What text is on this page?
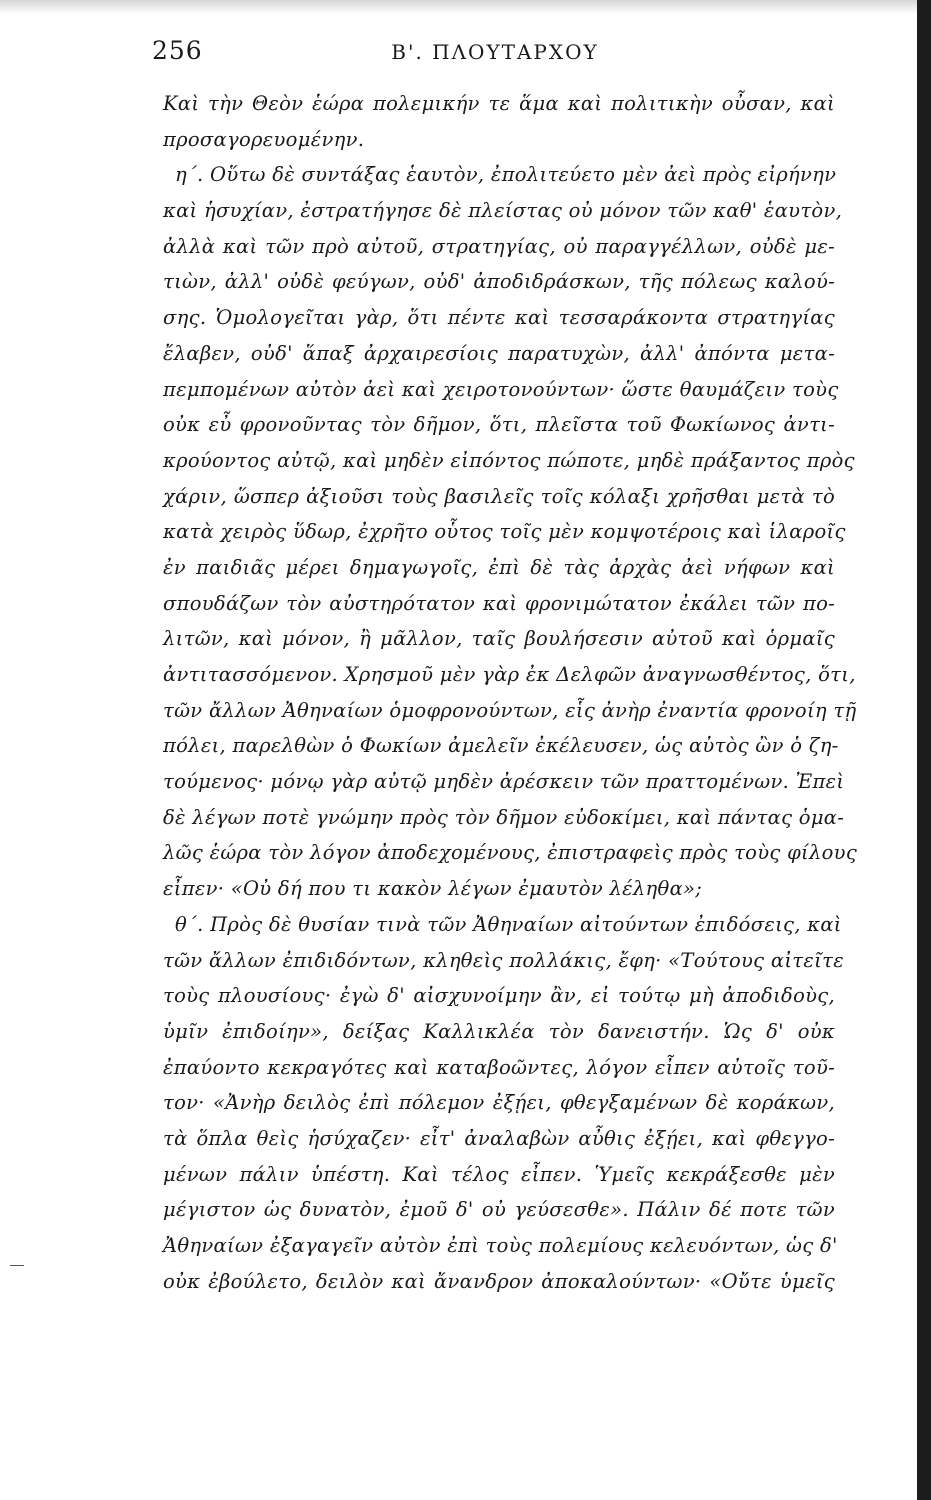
256	Β'. ΠΛΟΥΤΑΡΧΟΥ
Καὶ τὴν Θεὸν ἑώρα πολεμικήν τε ἅμα καὶ πολιτικὴν οὖσαν, καὶ
προσαγορευομένην.
η΄. Οὕτω δὲ συντάξας ἑαυτὸν, ἐπολιτεύετο μὲν ἀεὶ πρὸς εἰρήνην
καὶ ἡσυχίαν, ἐστρατήγησε δὲ πλείστας οὐ μόνον τῶν καθ' ἑαυτὸν,
ἀλλὰ καὶ τῶν πρὸ αὐτοῦ, στρατηγίας, οὐ παραγγέλλων, οὐδὲ με-
τιὼν, ἀλλ' οὐδὲ φεύγων, οὐδ' ἀποδιδράσκων, τῆς πόλεως καλού-
σης. Ὁμολογεῖται γὰρ, ὅτι πέντε καὶ τεσσαράκοντα στρατηγίας
ἔλαβεν, οὐδ' ἅπαξ ἀρχαιρεσίοις παρατυχὼν, ἀλλ' ἀπόντα μετα-
πεμπομένων αὐτὸν ἀεὶ καὶ χειροτονούντων· ὥστε θαυμάζειν τοὺς
οὐκ εὖ φρονοῦντας τὸν δῆμον, ὅτι, πλεῖστα τοῦ Φωκίωνος ἀντι-
κρούοντος αὐτῷ, καὶ μηδὲν εἰπόντος πώποτε, μηδὲ πράξαντος πρὸς
χάριν, ὥσπερ ἀξιοῦσι τοὺς βασιλεῖς τοῖς κόλαξι χρῆσθαι μετὰ τὸ
κατὰ χειρὸς ὕδωρ, ἐχρῆτο οὗτος τοῖς μὲν κομψοτέροις καὶ ἱλαροῖς
ἐν παιδιᾶς μέρει δημαγωγοῖς, ἐπὶ δὲ τὰς ἀρχὰς ἀεὶ νήφων καὶ
σπουδάζων τὸν αὐστηρότατον καὶ φρονιμώτατον ἐκάλει τῶν πο-
λιτῶν, καὶ μόνον, ἢ μᾶλλον, ταῖς βουλήσεσιν αὐτοῦ καὶ ὁρμαῖς
ἀντιτασσόμενον. Χρησμοῦ μὲν γὰρ ἐκ Δελφῶν ἀναγνωσθέντος, ὅτι,
τῶν ἄλλων Ἀθηναίων ὁμοφρονούντων, εἷς ἀνὴρ ἐναντία φρονοίη τῇ
πόλει, παρελθὼν ὁ Φωκίων ἀμελεῖν ἐκέλευσεν, ὡς αὐτὸς ὢν ὁ ζη-
τούμενος· μόνῳ γὰρ αὐτῷ μηδὲν ἀρέσκειν τῶν πραττομένων. Ἐπεὶ
δὲ λέγων ποτὲ γνώμην πρὸς τὸν δῆμον εὐδοκίμει, καὶ πάντας ὁμα-
λῶς ἑώρα τὸν λόγον ἀποδεχομένους, ἐπιστραφεὶς πρὸς τοὺς φίλους
εἶπεν· «Οὐ δή που τι κακὸν λέγων ἐμαυτὸν λέληθα»;
θ΄. Πρὸς δὲ θυσίαν τινὰ τῶν Ἀθηναίων αἰτούντων ἐπιδόσεις, καὶ
τῶν ἄλλων ἐπιδιδόντων, κληθεὶς πολλάκις, ἔφη· «Τούτους αἰτεῖτε
τοὺς πλουσίους· ἐγὼ δ' αἰσχυνοίμην ἂν, εἰ τούτῳ μὴ ἀποδιδοὺς,
ὑμῖν ἐπιδοίην», δείξας Καλλικλέα τὸν δανειστήν. Ὡς δ' οὐκ
ἐπαύοντο κεκραγότες καὶ καταβοῶντες, λόγον εἶπεν αὐτοῖς τοῦ-
τον· «Ἀνὴρ δειλὸς ἐπὶ πόλεμον ἐξῄει, φθεγξαμένων δὲ κοράκων,
τὰ ὅπλα θεὶς ἡσύχαζεν· εἶτ' ἀναλαβὼν αὖθις ἐξῄει, καὶ φθεγγο-
μένων πάλιν ὑπέστη. Καὶ τέλος εἶπεν. Ὑμεῖς κεκράξεσθε μὲν
μέγιστον ὡς δυνατὸν, ἐμοῦ δ' οὐ γεύσεσθε». Πάλιν δέ ποτε τῶν
Ἀθηναίων ἐξαγαγεῖν αὐτὸν ἐπὶ τοὺς πολεμίους κελευόντων, ὡς δ'
οὐκ ἐβούλετο, δειλὸν καὶ ἄνανδρον ἀποκαλούντων· «Οὔτε ὑμεῖς
